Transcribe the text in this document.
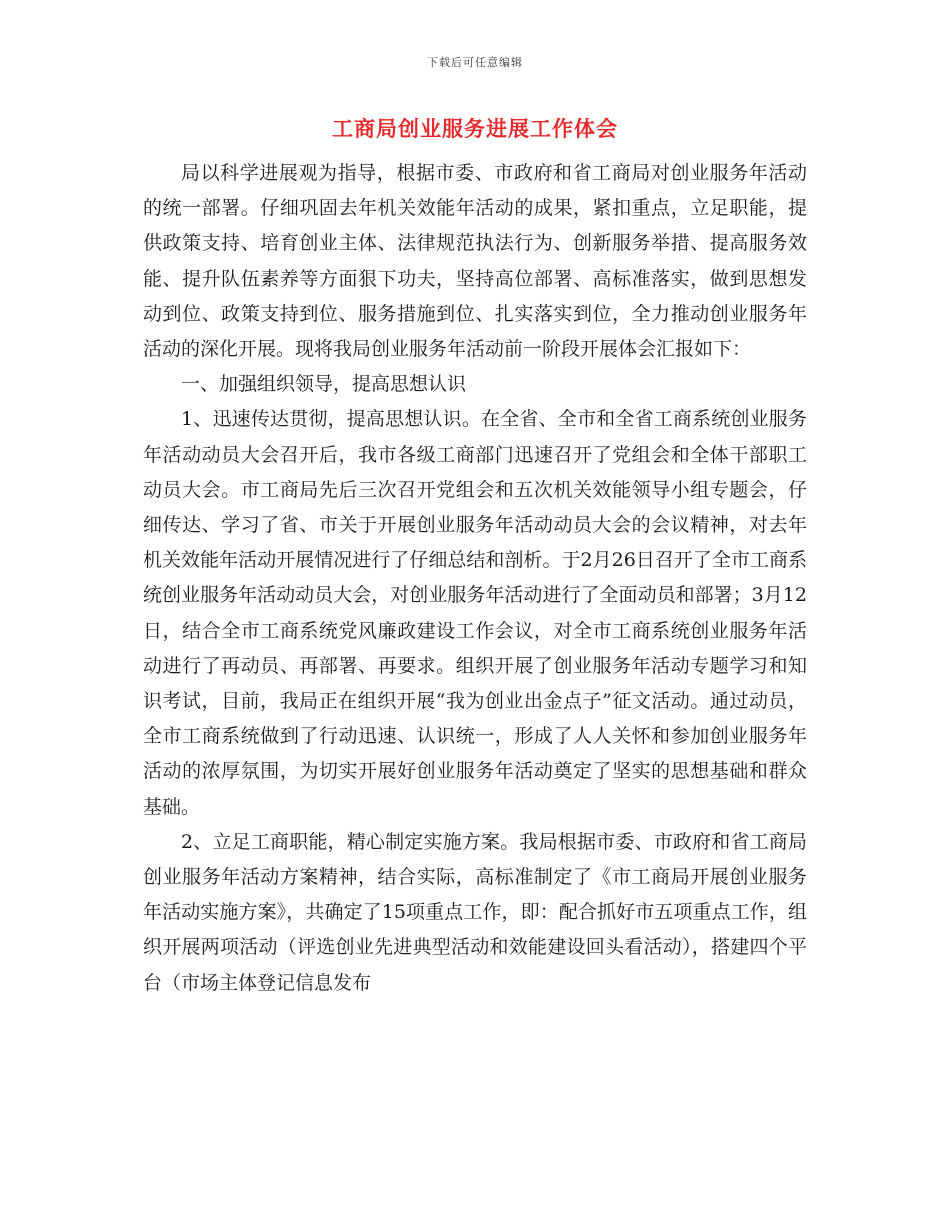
下载后可任意编辑
工商局创业服务进展工作体会

局以科学进展观为指导，根据市委、市政府和省工商局对创业服务年活动的统一部署。仔细巩固去年机关效能年活动的成果，紧扣重点，立足职能，提供政策支持、培育创业主体、法律规范执法行为、创新服务举措、提高服务效能、提升队伍素养等方面狠下功夫，坚持高位部署、高标准落实，做到思想发动到位、政策支持到位、服务措施到位、扎实落实到位，全力推动创业服务年活动的深化开展。现将我局创业服务年活动前一阶段开展体会汇报如下：

一、加强组织领导，提高思想认识

1、迅速传达贯彻，提高思想认识。在全省、全市和全省工商系统创业服务年活动动员大会召开后，我市各级工商部门迅速召开了党组会和全体干部职工动员大会。市工商局先后三次召开党组会和五次机关效能领导小组专题会，仔细传达、学习了省、市关于开展创业服务年活动动员大会的会议精神，对去年机关效能年活动开展情况进行了仔细总结和剖析。于2月26日召开了全市工商系统创业服务年活动动员大会，对创业服务年活动进行了全面动员和部署；3月12日，结合全市工商系统党风廉政建设工作会议，对全市工商系统创业服务年活动进行了再动员、再部署、再要求。组织开展了创业服务年活动专题学习和知识考试，目前，我局正在组织开展“我为创业出金点子”征文活动。通过动员，全市工商系统做到了行动迅速、认识统一，形成了人人关怀和参加创业服务年活动的浓厚氛围，为切实开展好创业服务年活动奠定了坚实的思想基础和群众基础。

2、立足工商职能，精心制定实施方案。我局根据市委、市政府和省工商局创业服务年活动方案精神，结合实际，高标准制定了《市工商局开展创业服务年活动实施方案》，共确定了15项重点工作，即：配合抓好市五项重点工作，组织开展两项活动（评选创业先进典型活动和效能建设回头看活动），搭建四个平台（市场主体登记信息发布
